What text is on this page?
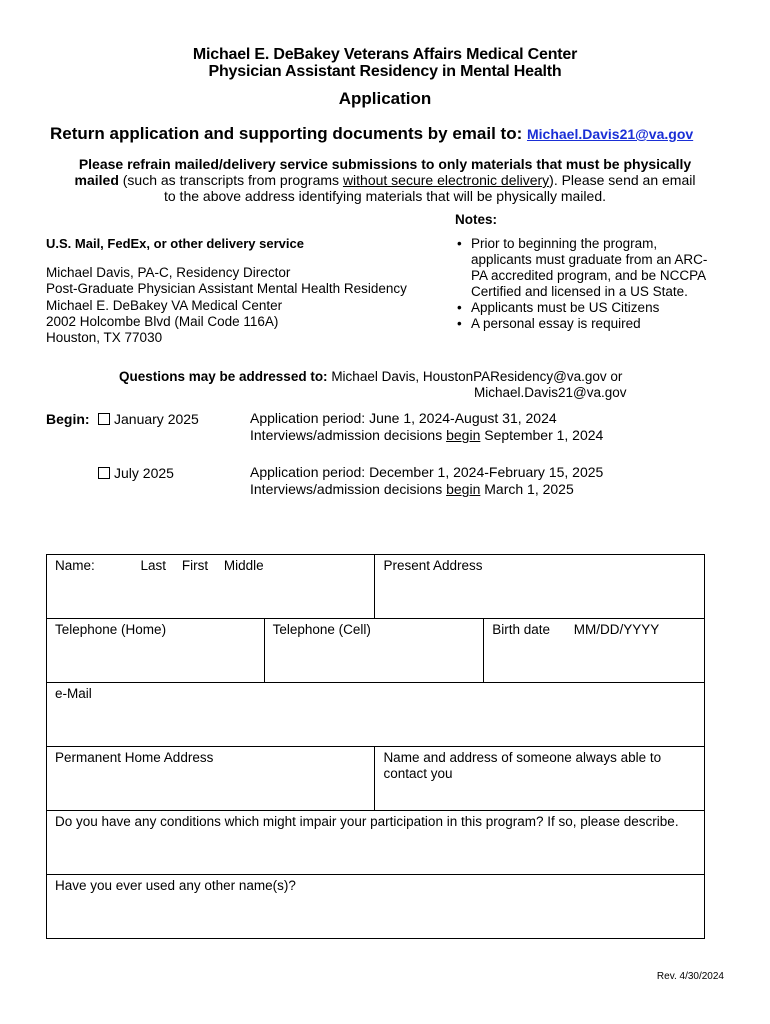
Michael E. DeBakey Veterans Affairs Medical Center
Physician Assistant Residency in Mental Health
Application
Return application and supporting documents by email to: Michael.Davis21@va.gov
Please refrain mailed/delivery service submissions to only materials that must be physically
mailed (such as transcripts from programs without secure electronic delivery). Please send an email
to the above address identifying materials that will be physically mailed.
Notes:
U.S. Mail, FedEx, or other delivery service
Michael Davis, PA-C, Residency Director
Post-Graduate Physician Assistant Mental Health Residency
Michael E. DeBakey VA Medical Center
2002 Holcombe Blvd (Mail Code 116A)
Houston, TX 77030
• Prior to beginning the program, applicants must graduate from an ARC-PA accredited program, and be NCCPA Certified and licensed in a US State.
• Applicants must be US Citizens
• A personal essay is required
Questions may be addressed to: Michael Davis, HoustonPAResidency@va.gov or
Michael.Davis21@va.gov
Begin:	January 2025	Application period: June 1, 2024-August 31, 2024
Interviews/admission decisions begin September 1, 2024
July 2025	Application period: December 1, 2024-February 15, 2025
Interviews/admission decisions begin March 1, 2025
Name: Last First Middle		Present Address	
Telephone (Home)	Telephone (Cell)		Birth date MM/DD/YYYY
e-Mail			
Permanent Home Address		Name and address of someone always able to contact you	
Do you have any conditions which might impair your participation in this program? If so, please describe.			
Have you ever used any other name(s)?			
Rev. 4/30/2024
